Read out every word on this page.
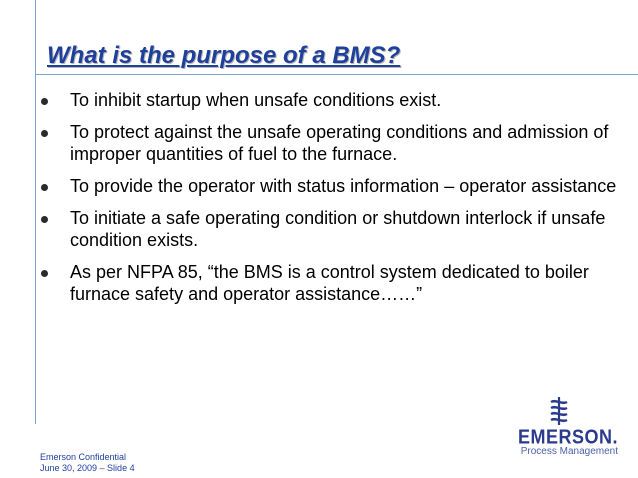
What is the purpose of a BMS?
To inhibit startup when unsafe conditions exist.
To protect against the unsafe operating conditions and admission of improper quantities of fuel to the furnace.
To provide the operator with status information – operator assistance
To initiate a safe operating condition or shutdown interlock if unsafe condition exists.
As per NFPA 85, “the BMS is a control system dedicated to boiler furnace safety and operator assistance……”
Emerson Confidential
June 30, 2009 – Slide 4
EMERSON.
Process Management
